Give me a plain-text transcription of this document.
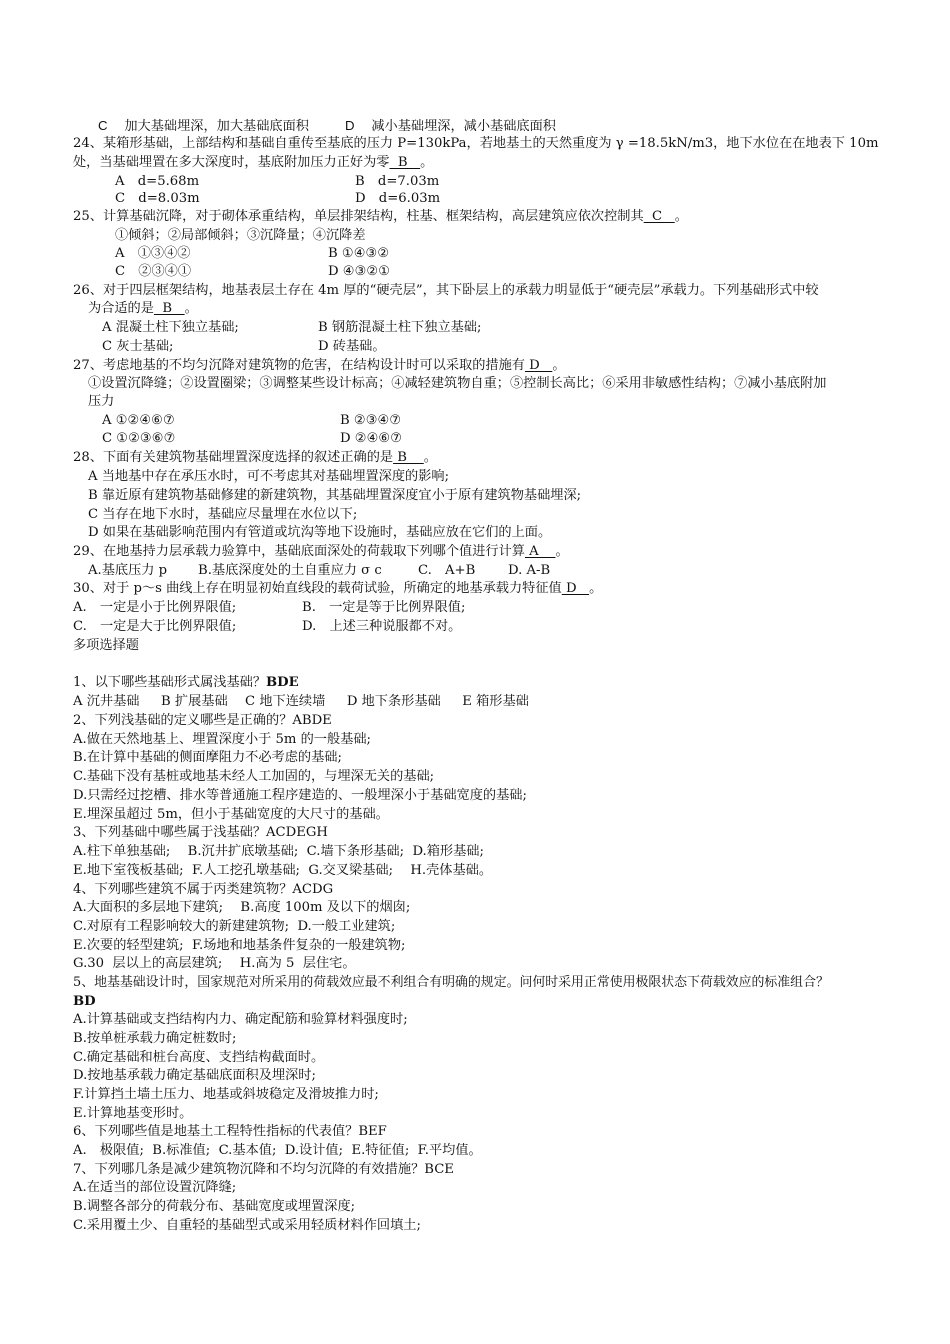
C　 加大基础埋深，加大基础底面积	D　 减小基础埋深，减小基础底面积
24、某箱形基础，上部结构和基础自重传至基底的压力 P=130kPa，若地基土的天然重度为 γ =18.5kN/m3，地下水位在在地表下 10m
处，当基础埋置在多大深度时，基底附加压力正好为零  B   。
A　d=5.68m	B　d=7.03m
C　d=8.03m	D　d=6.03m
25、计算基础沉降，对于砌体承重结构，单层排架结构，柱基、框架结构，高层建筑应依次控制其  C   。
①倾斜；②局部倾斜；③沉降量；④沉降差
A　①③④②	B ①④③②
C　②③④①	D ④③②①
26、对于四层框架结构，地基表层土存在 4m 厚的“硬壳层”，其下卧层上的承载力明显低于“硬壳层”承载力。下列基础形式中较
为合适的是  B   。
A 混凝土柱下独立基础;	B 钢筋混凝土柱下独立基础;
C 灰士基础;	D 砖基础。
27、考虑地基的不均匀沉降对建筑物的危害，在结构设计时可以采取的措施有 D   。
①设置沉降缝；②设置圈梁；③调整某些设计标高；④减轻建筑物自重；⑤控制长高比；⑥采用非敏感性结构；⑦减小基底附加
压力
A ①②④⑥⑦	B ②③④⑦
C ①②③⑥⑦	D ②④⑥⑦
28、下面有关建筑物基础埋置深度选择的叙述正确的是 B    。
A 当地基中存在承压水时，可不考虑其对基础埋置深度的影响;
B 靠近原有建筑物基础修建的新建筑物，其基础埋置深度宜小于原有建筑物基础埋深;
C 当存在地下水时，基础应尽量埋在水位以下;
D 如果在基础影响范围内有管道或坑沟等地下设施时，基础应放在它们的上面。
29、在地基持力层承载力验算中，基础底面深处的荷载取下列哪个值进行计算 A    。
A.基底压力 p B.基底深度处的土自重应力 σ c	C.　A+B D. A-B
30、对于 p～s 曲线上存在明显初始直线段的载荷试验，所确定的地基承载力特征值 D   。
A.　一定是小于比例界限值;	B.　一定是等于比例界限值;
C.　一定是大于比例界限值;	D.　上述三种说服都不对。
多项选择题
1、以下哪些基础形式属浅基础？BDE
A 沉井基础　  B 扩展基础　 C 地下连续墙　  D 地下条形基础　  E 箱形基础
2、下列浅基础的定义哪些是正确的？ABDE
A.做在天然地基上、埋置深度小于 5m 的一般基础;
B.在计算中基础的侧面摩阻力不必考虑的基础;
C.基础下没有基桩或地基未经人工加固的，与埋深无关的基础;
D.只需经过挖槽、排水等普通施工程序建造的、一般埋深小于基础宽度的基础;
E.埋深虽超过 5m，但小于基础宽度的大尺寸的基础。
3、下列基础中哪些属于浅基础？ACDEGH
A.柱下单独基础;　 B.沉井扩底墩基础;  C.墙下条形基础;  D.箱形基础;
E.地下室筏板基础;  F.人工挖孔墩基础;  G.交叉梁基础;　 H.壳体基础。
4、下列哪些建筑不属于丙类建筑物？ACDG
A.大面积的多层地下建筑;　 B.高度 100m 及以下的烟囱;
C.对原有工程影响较大的新建建筑物;  D.一般工业建筑;
E.次要的轻型建筑;  F.场地和地基条件复杂的一般建筑物;
G.30  层以上的高层建筑;　 H.高为 5  层住宅。
5、地基基础设计时，国家规范对所采用的荷载效应最不利组合有明确的规定。问何时采用正常使用极限状态下荷载效应的标准组合？
BD
A.计算基础或支挡结构内力、确定配筋和验算材料强度时;
B.按单桩承载力确定桩数时;
C.确定基础和桩台高度、支挡结构截面时。
D.按地基承载力确定基础底面积及埋深时;
F.计算挡土墙土压力、地基或斜坡稳定及滑坡推力时;
E.计算地基变形时。
6、下列哪些值是地基土工程特性指标的代表值？BEF
A.　极限值;  B.标准值;  C.基本值;  D.设计值;  E.特征值;  F.平均值。
7、下列哪几条是减少建筑物沉降和不均匀沉降的有效措施？BCE
A.在适当的部位设置沉降缝;
B.调整各部分的荷载分布、基础宽度或埋置深度;
C.采用覆土少、自重轻的基础型式或采用轻质材料作回填土;
